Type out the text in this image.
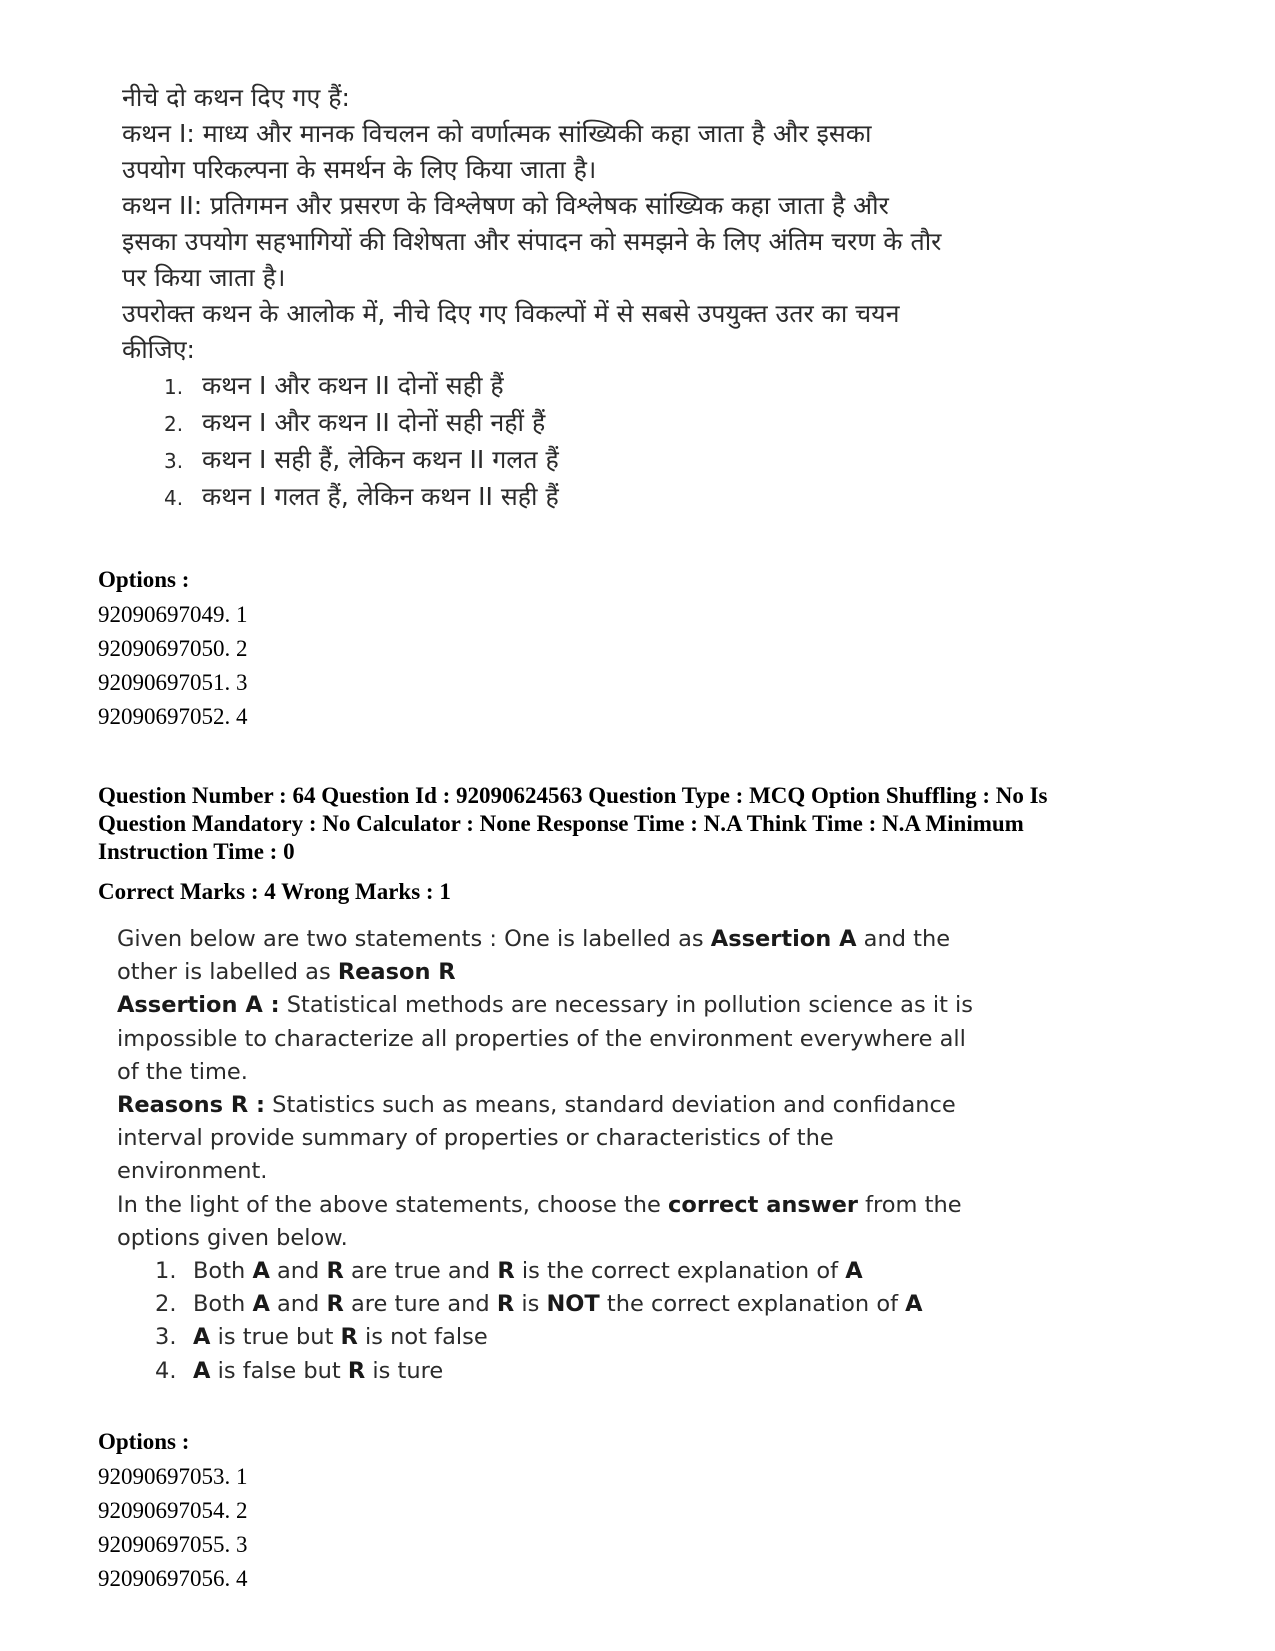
नीचे दो कथन दिए गए हैं:
कथन I: माध्य और मानक विचलन को वर्णात्मक सांख्यिकी कहा जाता है और इसका
उपयोग परिकल्पना के समर्थन के लिए किया जाता है।
कथन II: प्रतिगमन और प्रसरण के विश्लेषण को विश्लेषक सांख्यिक कहा जाता है और
इसका उपयोग सहभागियों की विशेषता और संपादन को समझने के लिए अंतिम चरण के तौर
पर किया जाता है।
उपरोक्त कथन के आलोक में, नीचे दिए गए विकल्पों में से सबसे उपयुक्त उतर का चयन
कीजिए:
1. कथन I और कथन II दोनों सही हैं
2. कथन I और कथन II दोनों सही नहीं हैं
3. कथन I सही हैं, लेकिन कथन II गलत हैं
4. कथन I गलत हैं, लेकिन कथन II सही हैं
Options :
92090697049. 1
92090697050. 2
92090697051. 3
92090697052. 4
Question Number : 64 Question Id : 92090624563 Question Type : MCQ Option Shuffling : No Is
Question Mandatory : No Calculator : None Response Time : N.A Think Time : N.A Minimum
Instruction Time : 0
Correct Marks : 4 Wrong Marks : 1
Given below are two statements : One is labelled as Assertion A and the
other is labelled as Reason R
Assertion A : Statistical methods are necessary in pollution science as it is
impossible to characterize all properties of the environment everywhere all
of the time.
Reasons R : Statistics such as means, standard deviation and confidance
interval provide summary of properties or characteristics of the
environment.
In the light of the above statements, choose the correct answer from the
options given below.
1. Both A and R are true and R is the correct explanation of A
2. Both A and R are ture and R is NOT the correct explanation of A
3. A is true but R is not false
4. A is false but R is ture
Options :
92090697053. 1
92090697054. 2
92090697055. 3
92090697056. 4
